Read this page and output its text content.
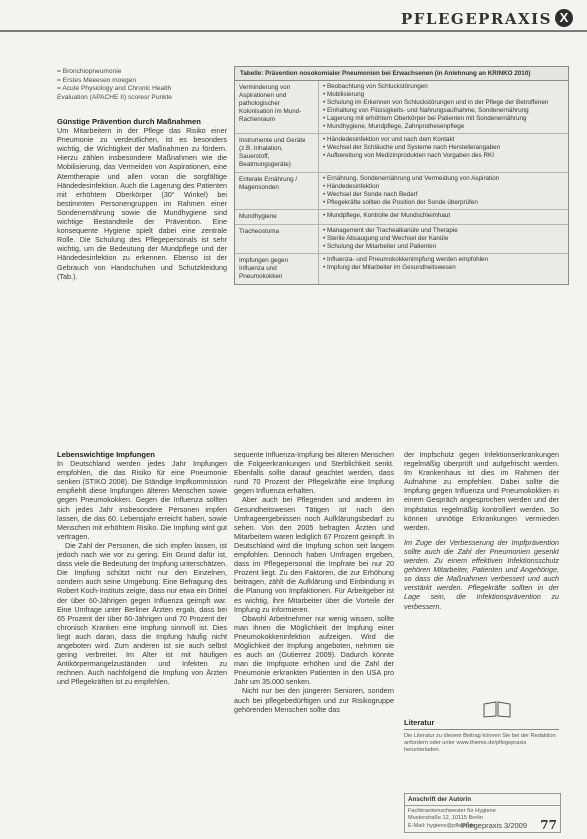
PFLEGEPRAXIS X
= Bronchiopneumonie
= Erstes Meeesen moegen
= Acute Physiology and Chronic Health
Evaluation (APACHE II) scoresr Punkte

Günstige Prävention durch Maßnahmen

Um Mitarbeitern in der Pflege das Risiko einer Pneumonie zu verdeutlichen, ist es besonders wichtig, die Wichtigkeit der Maßnahmen zu fördern. Hierzu zählen insbesondere Maßnahmen wie die Mobilisierung, das Vermeiden von Aspirationen, eine Atemtherapie und allen voran die sorgfältige Händedesinfektion. Auch die Lagerung des Patienten mit erhöhtem Oberkörper (30° Winkel) bei bestimmten Personengruppen im Rahmen einer Sondenernährung sowie die Mundhygiene sind wichtige Bestandteile der Prävention. Eine konsequente Hygiene spielt dabei eine zentrale Rolle. Die Schulung des Pflegepersonals ist sehr wichtig, um die Bedeutung der Mundpflege und der Händedesinfektion zu erkennen. Ebenso ist der Gebrauch von Handschuhen und Schutzkleidung (Tab.).

Lebenswichtige Impfungen

In Deutschland werden jedes Jahr Impfungen empfohlen, die das Risiko für eine Pneumonie senken (STIKO 2008). Die Ständige Impfkommission empfiehlt diese Impfungen älteren Menschen sowie gegen Pneumokokken. Gegen die Influenza sollten sich jedes Jahr insbesondere Personen impfen lassen, die das 60. Lebensjahr erreicht haben, sowie Menschen mit erhöhtem Risiko. Die Impfung wird gut vertragen.

Die Zahl der Personen, die sich impfen lassen, ist jedoch nach wie vor zu gering. Ein Grund dafür ist, dass viele die Bedeutung der Impfung unterschätzen. Die Impfung schützt nicht nur den Einzelnen, sondern auch seine Umgebung. Eine Befragung des Robert Koch-Instituts zeigte, dass nur etwa ein Drittel der über 60-Jährigen gegen Influenza geimpft war. Eine Umfrage unter Berliner Ärzten ergab, dass bei 65 Prozent der über 60-Jährigen und 70 Prozent der chronisch Kranken eine Impfung sinnvoll ist. Dies liegt auch daran, dass die Impfung häufig nicht angeboten wird. Zum anderen ist sie auch selbst gering verbreitet. Im Alter ist mit häufigen Antikörpermangelzuständen und Infekten zu rechnen. Auch nachfolgend die Impfung von Ärzten und Pflegekräften ist zu empfehlen.

Tabelle: Prävention nosokomialer Pneumonien bei Erwachsenen (in Anlehnung an KRINKO 2010)
Verminderung von Aspirationen und pathologischer Kolonisation im Mund-Rachenraum
• Beobachtung von Schluckstörungen
• Mobilisierung
• Schulung im Erkennen von Schluckstörungen und in der Pflege der Betroffenen
• Einhaltung von Flüssigkeits- und Nahrungsaufnahme, Sondenernährung
• Lagerung mit erhöhtem Oberkörper bei Patienten mit Sondenernährung
• Mundhygiene, Mundpflege, Zahnprothesenpflege
Instrumente und Geräte (z.B. Inhalation, Sauerstoff, Beatmungsgeräte)
• Händedesinfektion vor und nach dem Kontakt
• Wechsel der Schläuche und Systeme nach Herstellerangaben
• Aufbereitung von Medizinprodukten nach Vorgaben des RKI
Enterale Ernährung / Magensonden
• Ernährung, Sondenernährung und Vermeidung von Aspiration
• Händedesinfektion
• Wechsel der Sonde nach Bedarf
• Pflegekräfte sollten die Position der Sonde überprüfen
Mundhygiene	• Mundpflege, Kontrolle der Mundschleimhaut
Tracheostoma	• Management der Trachealkanüle und Therapie
• Sterile Absaugung und Wechsel der Kanüle
• Schulung der Mitarbeiter und Patienten
Impfungen gegen Influenza und Pneumokokken
• Influenza- und Pneumokokkenimpfung werden empfohlen
• Impfung der Mitarbeiter im Gesundheitswesen

sequente Influenza-Impfung bei älteren Menschen die Folgeerkrankungen und Sterblichkeit senkt. Ebenfalls sollte darauf geachtet werden, dass rund 70 Prozent der Pflegekräfte eine Impfung gegen Influenza erhalten.

Aber auch bei Pflegenden und anderen im Gesundheitswesen Tätigen ist nach den Umfrageergebnissen noch Aufklärungsbedarf zu sehen. Von den 2005 befragten Ärzten und Mitarbeitern waren lediglich 67 Prozent geimpft. In Deutschland wird die Impfung schon seit langem empfohlen. Dennoch haben Umfragen ergeben, dass im Pflegepersonal die Impfrate bei nur 20 Prozent liegt. Zu den Faktoren, die zur Erhöhung beitragen, zählt die Aufklärung und Einbindung in die Planung von Impfaktionen. Für Arbeitgeber ist es wichtig, ihre Mitarbeiter über die Vorteile der Impfung zu informieren.

Obwohl Arbeitnehmer nur wenig wissen, sollte man ihnen die Möglichkeit der Impfung einer Pneumokokkeninfektion aufzeigen. Wird die Möglichkeit der Impfung angeboten, nehmen sie es auch an (Gutierrez 2009). Dadurch könnte man die Impfquote erhöhen und die Zahl der Pneumonie erkrankten Patienten in den USA pro Jahr um 35.000 senken.

Nicht nur bei den jüngeren Senioren, sondern auch bei pflegebedürftigen und zur Risikogruppe gehörenden Menschen sollte das

der Impfschutz gegen Infektionserkrankungen regelmäßig überprüft und aufgefrischt werden. Im Krankenhaus ist dies im Rahmen der Aufnahme zu empfehlen. Dabei sollte die Impfung gegen Influenza und Pneumokokken in einem Gespräch angesprochen werden und der Impfstatus regelmäßig kontrolliert werden. So können unnötige Erkrankungen vermieden werden.

Im Zuge der Verbesserung der Impfprävention sollte auch die Zahl der Pneumonien gesenkt werden. Zu einem effektiven Infektionsschutz gehören Mitarbeiter, Patienten und Angehörige, so dass die Maßnahmen verbessert und auch verstärkt werden. Pflegekräfte sollten in der Lage sein, die Infektionsprävention zu verbessern.

Literatur
Die Literatur zu diesem Beitrag können Sie bei der Redaktion anfordern oder unter www.thieme.de/pflegepraxis herunterladen.
Anschrift der Autorin
Fachkrankenschwester für Hygiene
Musterstraße 12, 10115 Berlin
E-Mail: hygiene@pflege.de
Pflegepraxis 3/2009 77
